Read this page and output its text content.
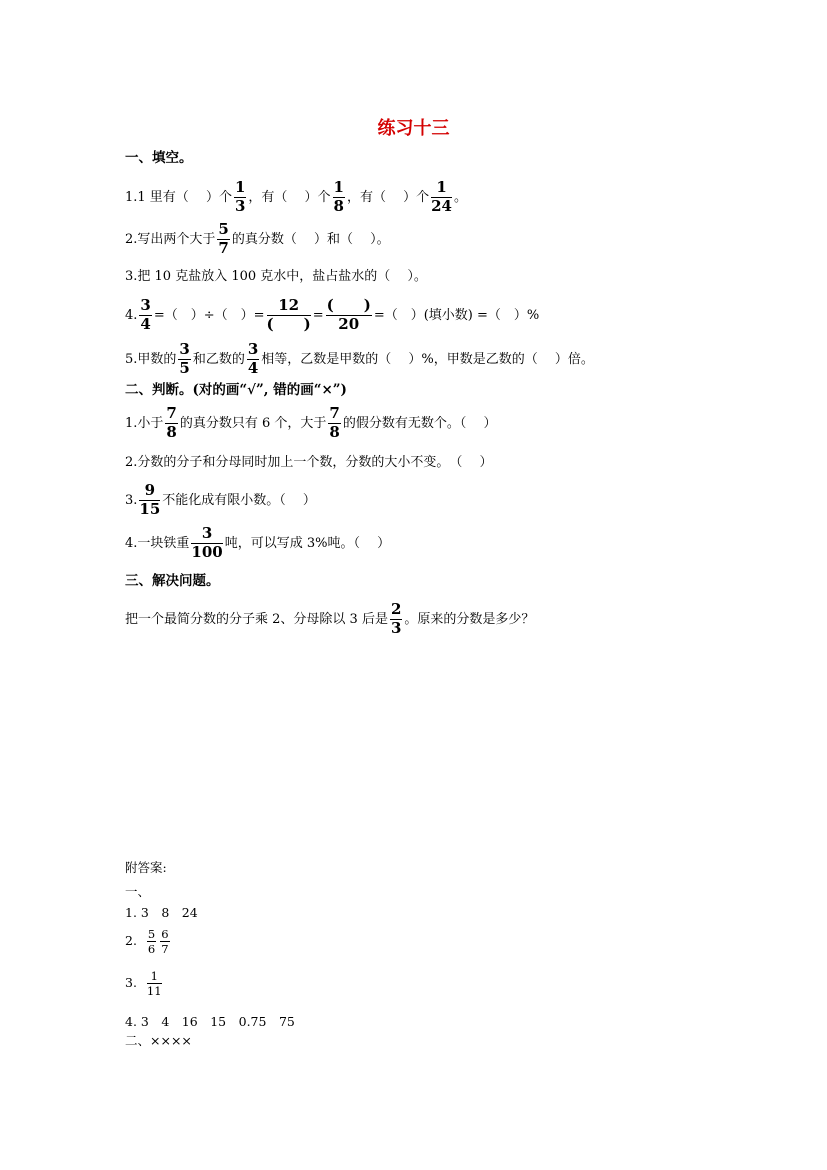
练习十三
一、填空。
1.1 里有（　 ）个 $\frac{1}{3}$ ，有（　 ）个 $\frac{1}{8}$ ，有（　 ）个 $\frac{1}{24}$ 。
2.写出两个大于 $\frac{5}{7}$ 的真分数（　 ）和（　 ）。
3.把 10 克盐放入 100 克水中，盐占盐水的（　 ）。
4. $\frac{3}{4}$ =（　）÷（　）= $\frac{12}{( )} = \frac{( )}{20}$ =（　）(填小数) =（　）%
5.甲数的 $\frac{3}{5}$ 和乙数的 $\frac{3}{4}$ 相等，乙数是甲数的（　 ）%，甲数是乙数的（　 ）倍。
二、判断。(对的画“√”, 错的画“×”)
1.小于 $\frac{7}{8}$ 的真分数只有 6 个，大于 $\frac{7}{8}$ 的假分数有无数个。（　 ）
2.分数的分子和分母同时加上一个数，分数的大小不变。　（　 ）
3. $\frac{9}{15}$ 不能化成有限小数。（　 ）
4.一块铁重 $\frac{3}{100}$ 吨，可以写成 3%吨。（　 ）
三、解决问题。
把一个最简分数的分子乘 2、分母除以 3 后是 $\frac{2}{3}$ 。原来的分数是多少？
附答案:
一、
1. 3　8　24
2. $\frac{5}{6} \frac{6}{7}$
3. $\frac{1}{11}$
4. 3　4　16　15　0.75　75
二、××××
